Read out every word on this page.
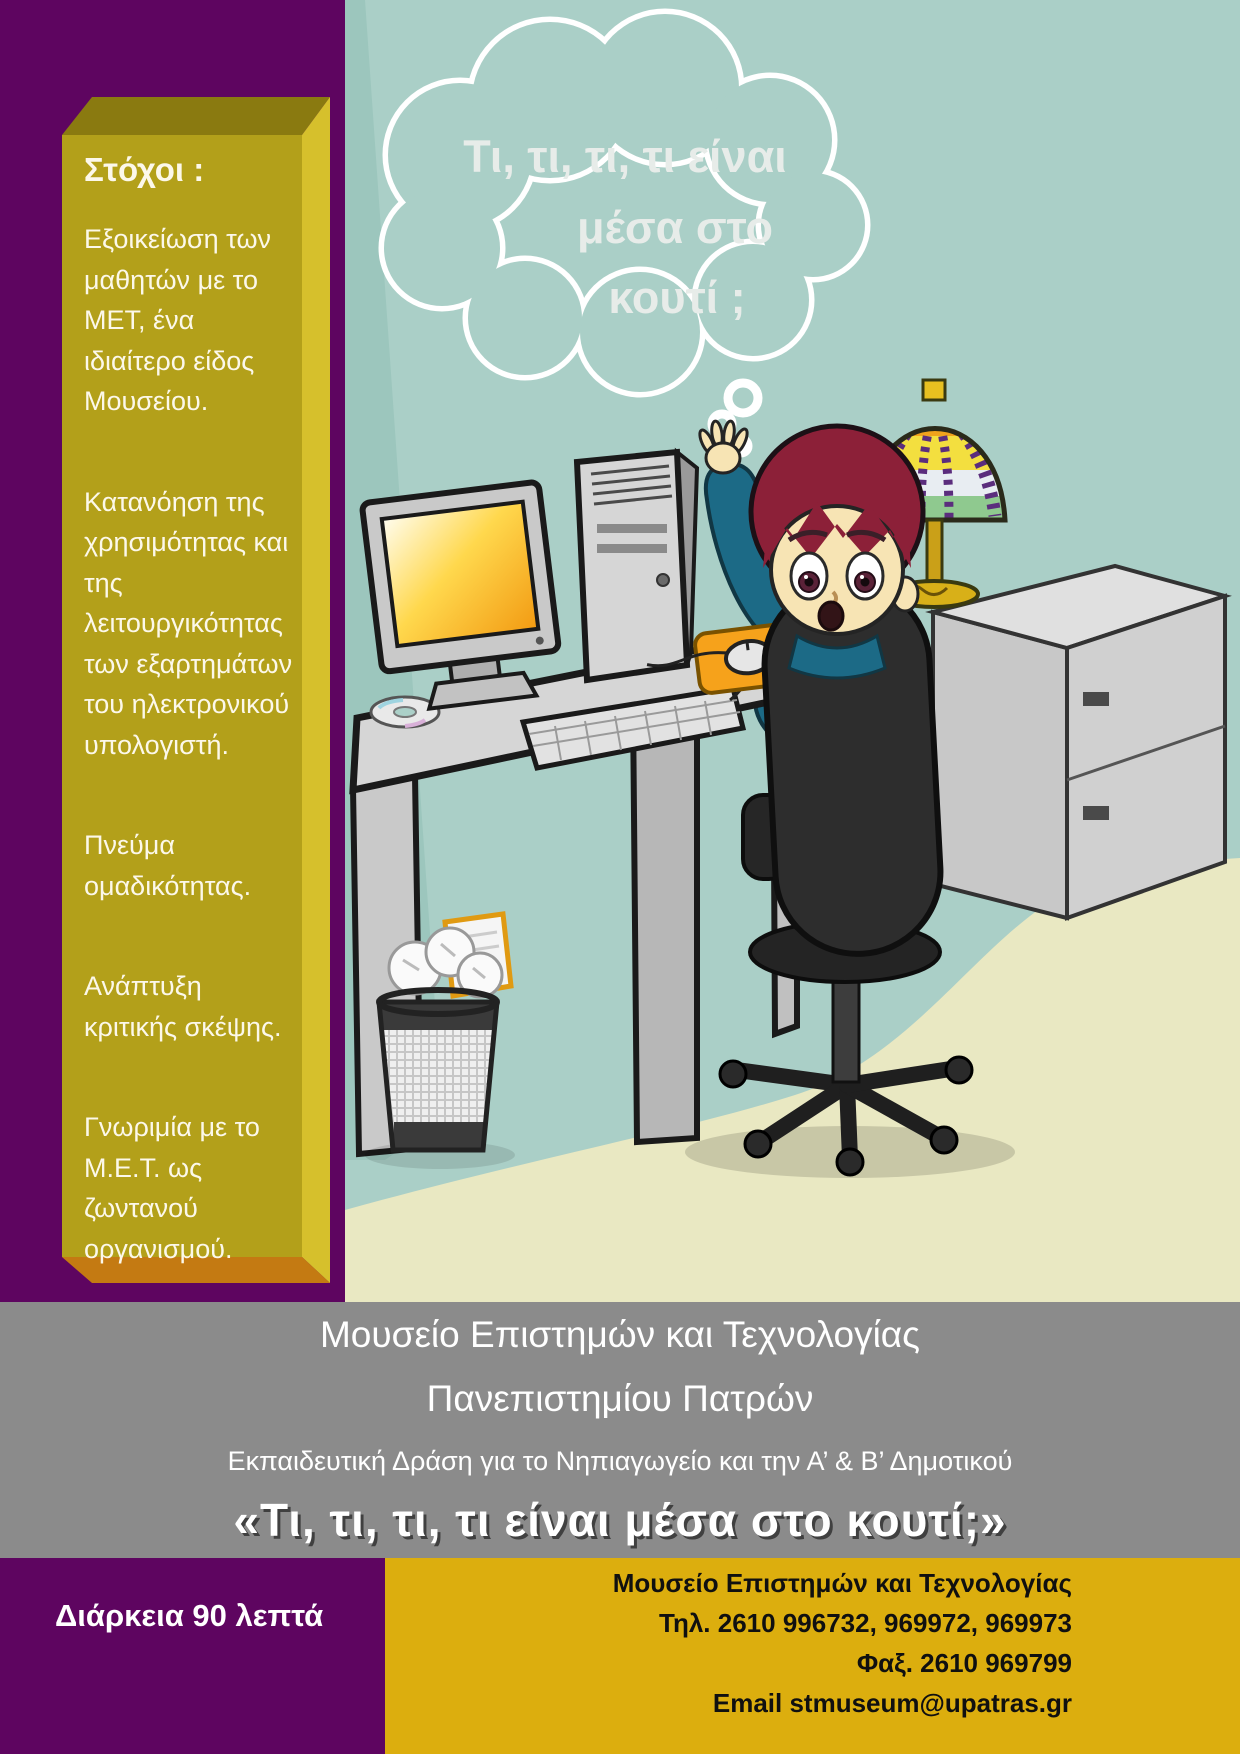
Στόχοι :

Εξοικείωση των μαθητών με το ΜΕΤ, ένα ιδιαίτερο είδος Μουσείου.

Κατανόηση της χρησιμότητας και της λειτουργικότητας των εξαρτημάτων του ηλεκτρονικού υπολογιστή.

Πνεύμα ομαδικότητας.

Ανάπτυξη κριτικής σκέψης.

Γνωριμία με το Μ.Ε.Τ. ως ζωντανού οργανισμού.

Τι, τι, τι, τι είναι
μέσα στο
κουτί ;
Μουσείο Επιστημών και Τεχνολογίας
Πανεπιστημίου Πατρών
Εκπαιδευτική Δράση για το Νηπιαγωγείο και την Α’ & Β’ Δημοτικού
«Τι, τι, τι, τι είναι μέσα στο κουτί;»
Διάρκεια 90 λεπτά
Μουσείο Επιστημών και Τεχνολογίας
Τηλ. 2610 996732, 969972, 969973
Φαξ. 2610 969799
Email stmuseum@upatras.gr
